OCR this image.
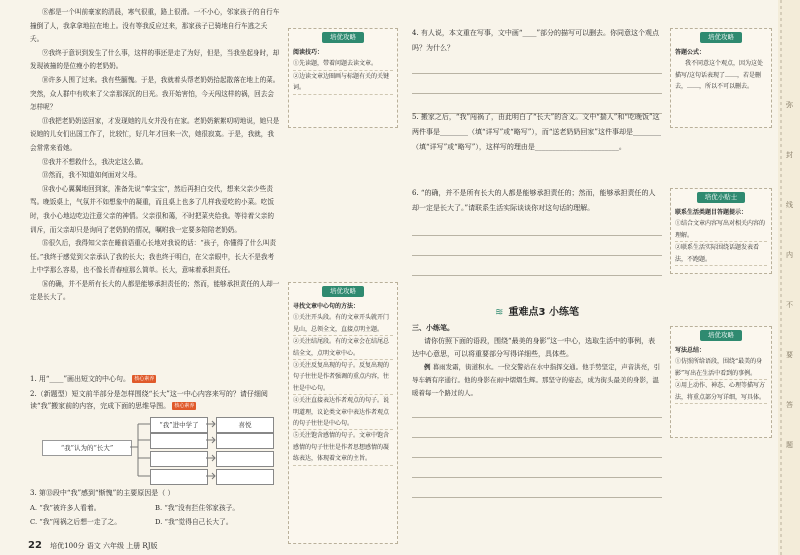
⑧都是一个叫前豪家的清晨，寒气很重，路上很滑。一不小心，邻家孩子的自行车撞倒了人，我拿拿地拉在地上。没有等我反应过来，那家孩子已骑地自行车逃之夭夭。

⑨我终于意识到发生了什么事，这样的事还是走了为好，但是，当我坐起身时，却发现被撞的是位瘦小的老奶奶。

⑩许多人围了过来。我有些腼愧。于是，我就着头帮老奶奶拾起散落在地上的菜。突然，众人群中有吹来了父亲那深沉的目光。我开始害怕，今天闯这样的祸，回去会怎样呢？

⑪我把老奶奶送回家，才发现她的儿女并没有在家。老奶奶絮絮叨叨地说，她只是说她的儿女们出国工作了，比较忙，好几年才回来一次，她很寂寞。于是，我就，我会常常来看她。

⑫我并不想救什么，我决定这么做。

⑬然而，我不知道如何面对父母。

⑭我小心翼翼地回到家，准备先说“奉宝宝”，然后再担白交代，想来父亲少些责骂。晚饭桌上，气氛并不如想象中的凝重，而且桌上也多了几样我爱吃的小菜。吃饭时，我小心地边吃边注意父亲的神情。父亲很和蔼，不时把菜夹给我。等待着父亲的训斥，而父亲却只是询问了老奶奶的情况，嘱咐我一定要多陪陪老奶奶。

⑮很久后，我得知父亲在睡前语重心长地对我说的话：“孩子，你懂得了什么叫责任。”我终于感觉到父亲承认了我的长大；我也终于明白，在父亲眼中，长大不是我考上中学那么容易，也不像长青春痘那么简单。长大，意味着承担责任。

⑯的确，并不是所有长大的人都是能够承担责任的；然而，能够承担责任的人却一定是长大了。

1. 用“____”画出短文的中心句。 核心素养

2.（新题型）短文前半部分是怎样围绕“长大”这一中心内容来写的？请仔细阅读“我”搬家前的内容，完成下面的思维导图。 核心素养

“我”认为的“长大”
“我”进中学了	喜悦

3. 第⑬段中“我”感到“惭愧”的主要原因是（ ）

A. “我”被许多人看着。	B. “我”没有拦住邻家孩子。
C. “我”闯祸之后想一走了之。	D. “我”觉得自己长大了。
22 培优100分 语文 六年级 上册 RJ版
培优攻略
阅读技巧：
①先读题，带着问题去读文章。
②边读文章边圈画与标题有关的关键词。
培优攻略
寻找文章中心句的方法：
①关注开头段。有的文章开头就开门见山，总领全文，直接点明主题。
②关注结尾段。有的文章会在结尾总结全文，点明文章中心。
③关注反复出现的句子。反复出现的句子往往是作者强调的重点内容，往往是中心句。
④关注直接表达作者观点的句子。说明道理，议论类文章中表达作者观点的句子往往是中心句。
⑤关注饱含感情的句子。文章中饱含感情的句子往往是作者思想感情的凝练表达，体现着文章的主旨。

4. 有人说，本文重在写事，文中画“____”部分的描写可以删去。你同意这个观点吗？为什么？

5. 搬家之后，“我”闯祸了，由此明白了“长大”的含义。文中“揣人”和“吃晚饭”这两件事是________（填“详写”或“略写”），而“送老奶奶回家”这件事却是________（填“详写”或“略写”），这样写的理由是________________________。

6. “的确，并不是所有长大的人都是能够承担责任的；然而，能够承担责任的人却一定是长大了。”请联系生活实际谈谈你对这句话的理解。

≋ 重难点3 小练笔

三、小练笔。

请你仿照下面的语段，围绕“最美的身影”这一中心，选取生活中的事例，表达中心意思，可以将重要部分写得详细些，具体些。

例 暮雨发霜，街道积水。一位交警站在水中指挥交通。他手势坚定，声音洪亮，引导车辆有序通行。他的身影在雨中熠熠生辉。那坚守的姿态，成为街头最美的身影，温暖着每一个路过的人。

培优攻略
答题公式：
我不同意这个观点，因为这处描写/这句话表现了……，若是删去，……，所以不可以删去。
培优小贴士
联系生活类题目答题提示：
①结合文章内容写出对相关内容的理解。
②联系生活实际围绕话题发表看法，不跑题。
培优攻略
写法总结：
①仿照所给语段，围绕“最美的身影”写出在生活中看到的事例。
②用上动作、神态、心理等描写方法，将重点部分写详细，写具体。
弥
封
线
内
不
要
答
题
